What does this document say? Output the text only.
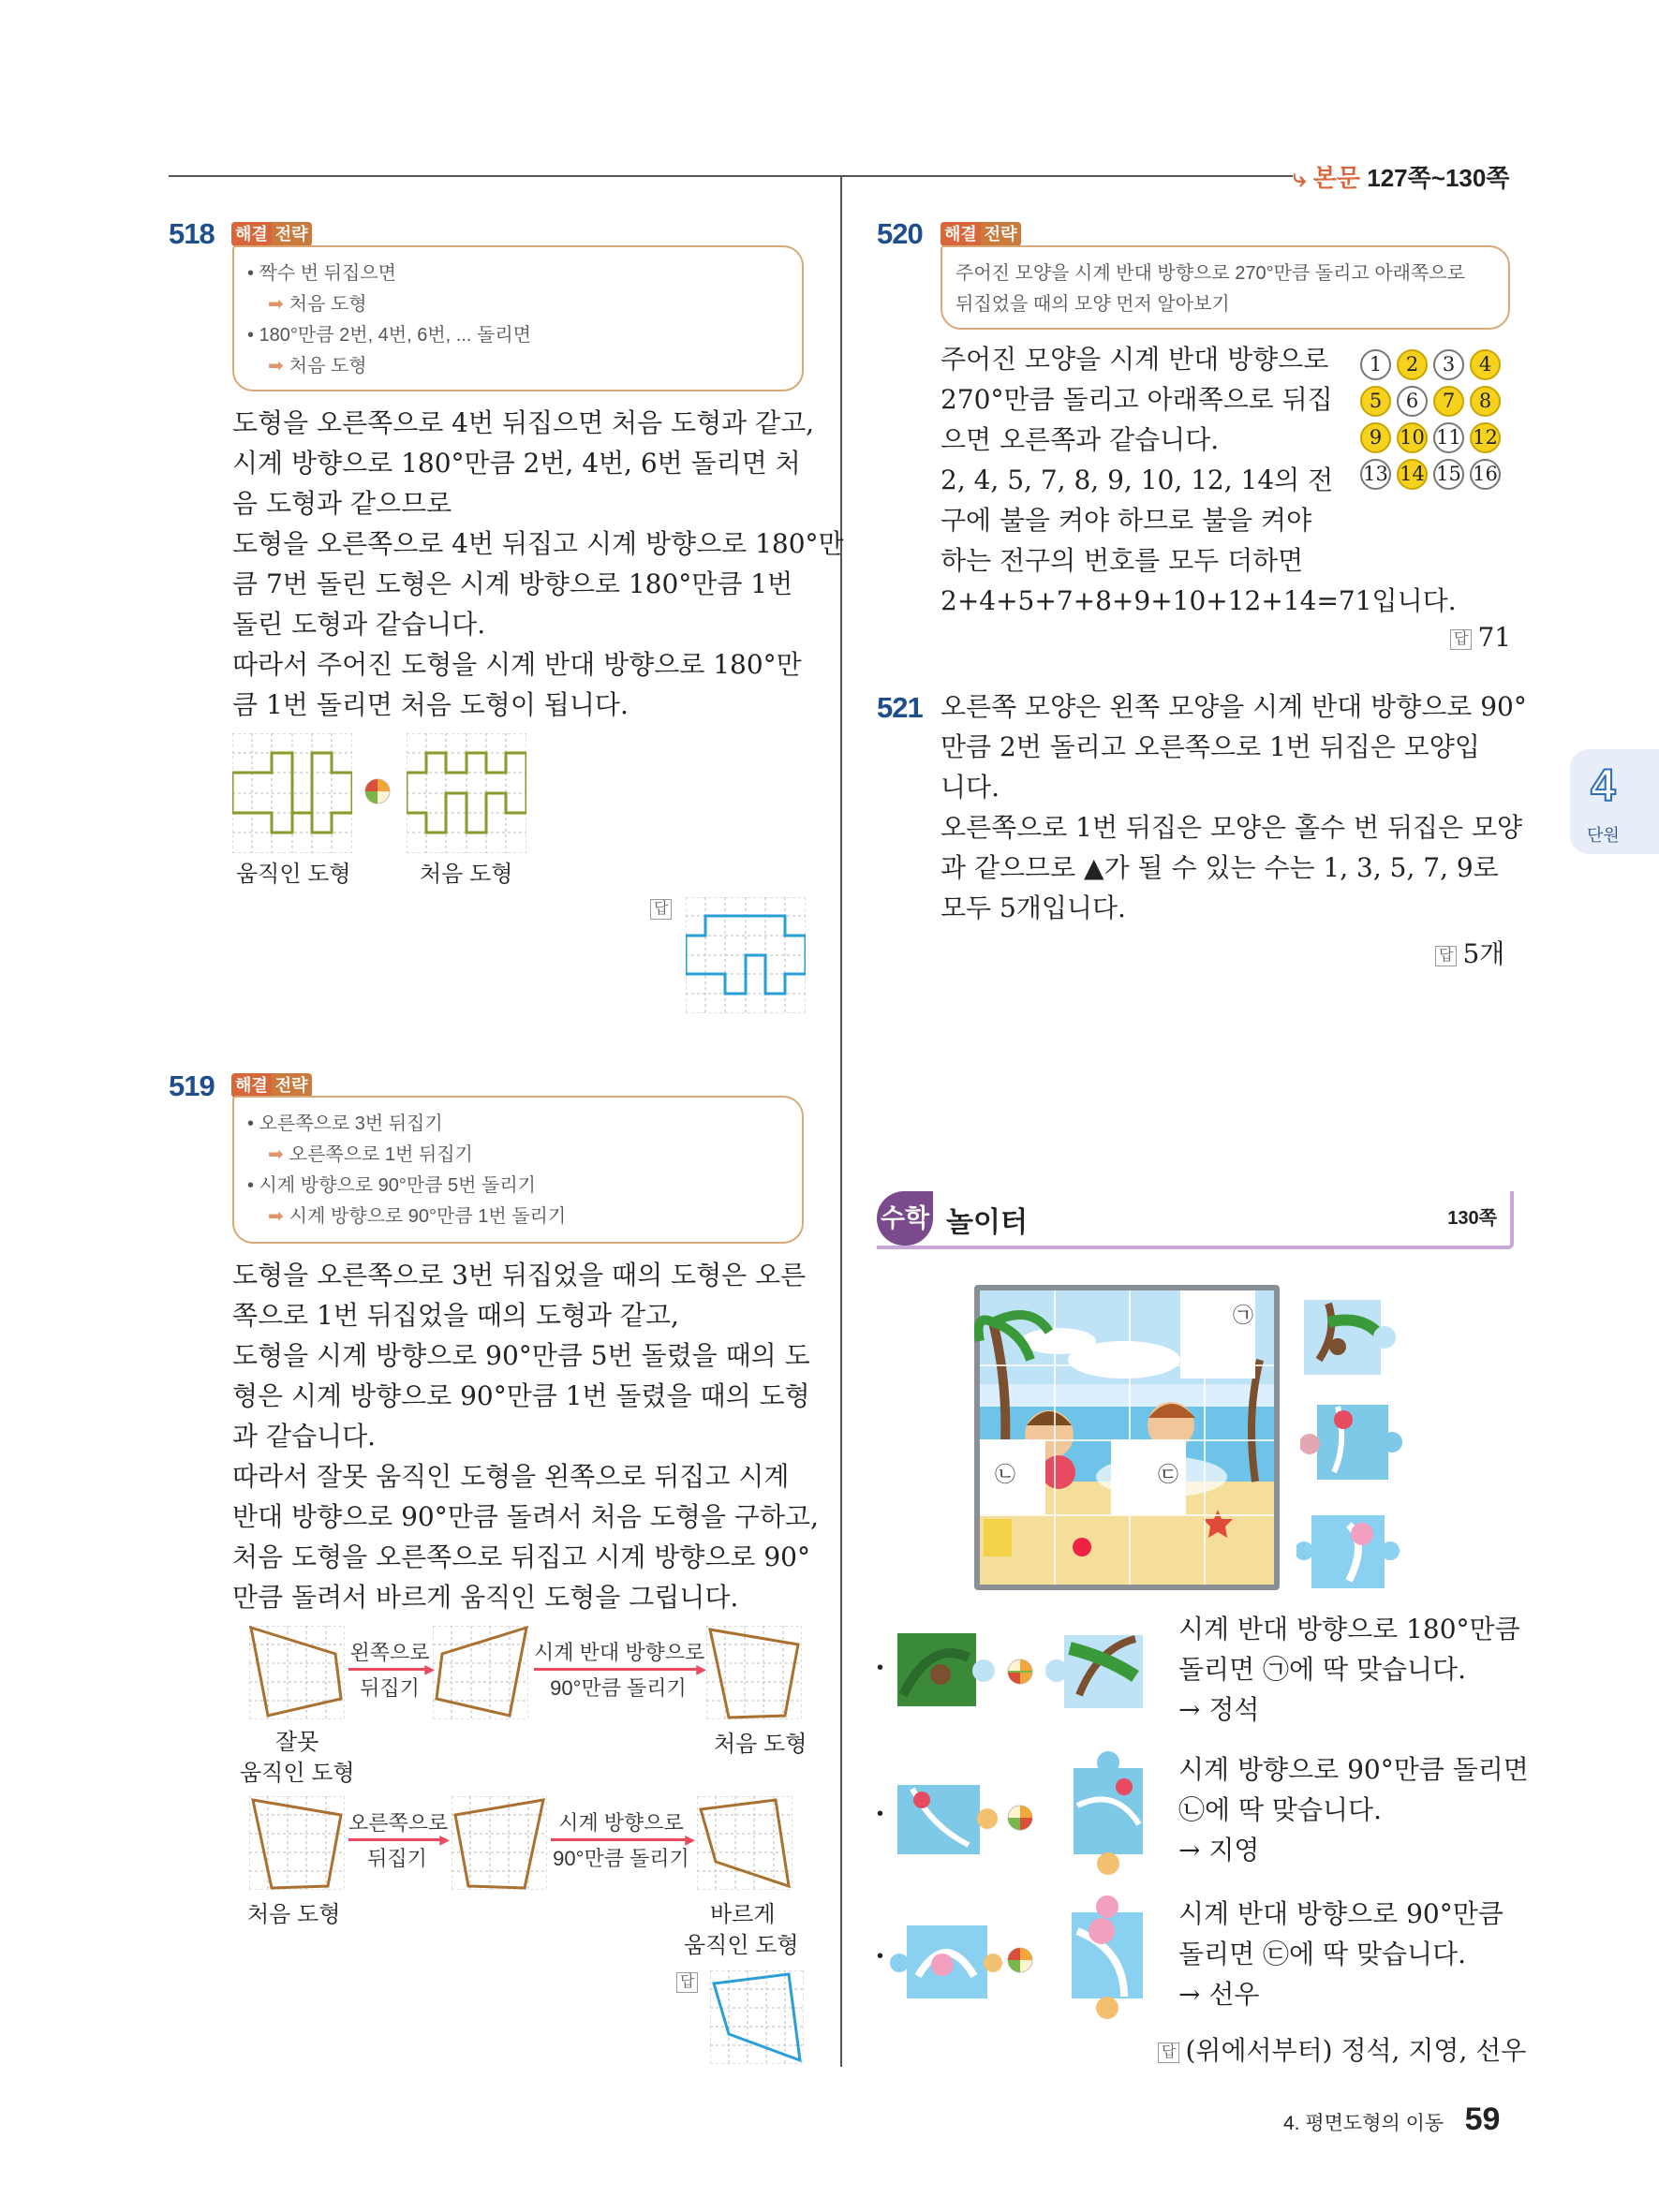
⤷ 본문 127쪽~130쪽
518 해결 전략
• 짝수 번 뒤집으면
➡ 처음 도형
• 180°만큼 2번, 4번, 6번, ... 돌리면
➡ 처음 도형

도형을 오른쪽으로 4번 뒤집으면 처음 도형과 같고,

시계 방향으로 180°만큼 2번, 4번, 6번 돌리면 처

음 도형과 같으므로

도형을 오른쪽으로 4번 뒤집고 시계 방향으로 180°만

큼 7번 돌린 도형은 시계 방향으로 180°만큼 1번

돌린 도형과 같습니다.

따라서 주어진 도형을 시계 반대 방향으로 180°만

큼 1번 돌리면 처음 도형이 됩니다.

움직인 도형	처음 도형
답
519 해결 전략
• 오른쪽으로 3번 뒤집기
➡ 오른쪽으로 1번 뒤집기
• 시계 방향으로 90°만큼 5번 돌리기
➡ 시계 방향으로 90°만큼 1번 돌리기

도형을 오른쪽으로 3번 뒤집었을 때의 도형은 오른

쪽으로 1번 뒤집었을 때의 도형과 같고,

도형을 시계 방향으로 90°만큼 5번 돌렸을 때의 도

형은 시계 방향으로 90°만큼 1번 돌렸을 때의 도형

과 같습니다.

따라서 잘못 움직인 도형을 왼쪽으로 뒤집고 시계

반대 방향으로 90°만큼 돌려서 처음 도형을 구하고,

처음 도형을 오른쪽으로 뒤집고 시계 방향으로 90°

만큼 돌려서 바르게 움직인 도형을 그립니다.

왼쪽으로
▶
뒤집기
시계 반대 방향으로
▶
90°만큼 돌리기
잘못
움직인 도형
처음 도형
오른쪽으로
▶
뒤집기
시계 방향으로
▶
90°만큼 돌리기
처음 도형	바르게
움직인 도형
답
520 해결 전략
주어진 모양을 시계 반대 방향으로 270°만큼 돌리고 아래쪽으로
뒤집었을 때의 모양 먼저 알아보기

주어진 모양을 시계 반대 방향으로

270°만큼 돌리고 아래쪽으로 뒤집

으면 오른쪽과 같습니다.

2, 4, 5, 7, 8, 9, 10, 12, 14의 전

구에 불을 켜야 하므로 불을 켜야

하는 전구의 번호를 모두 더하면

2+4+5+7+8+9+10+12+14=71입니다.

1	2	3	4
5	6	7	8
9 10 11 12
13 14 15 16
답 71
521 오른쪽 모양은 왼쪽 모양을 시계 반대 방향으로 90°

만큼 2번 돌리고 오른쪽으로 1번 뒤집은 모양입

니다.

오른쪽으로 1번 뒤집은 모양은 홀수 번 뒤집은 모양

과 같으므로 ▲가 될 수 있는 수는 1, 3, 5, 7, 9로

모두 5개입니다.

답 5개
4
단원
수학 놀이터	130쪽
㉠
㉡	㉢
•

시계 반대 방향으로 180°만큼

돌리면 ㉠에 딱 맞습니다.

→ 정석

•

시계 방향으로 90°만큼 돌리면

㉡에 딱 맞습니다.

→ 지영

•

시계 반대 방향으로 90°만큼

돌리면 ㉢에 딱 맞습니다.

→ 선우

답 (위에서부터) 정석, 지영, 선우
4. 평면도형의 이동 59
